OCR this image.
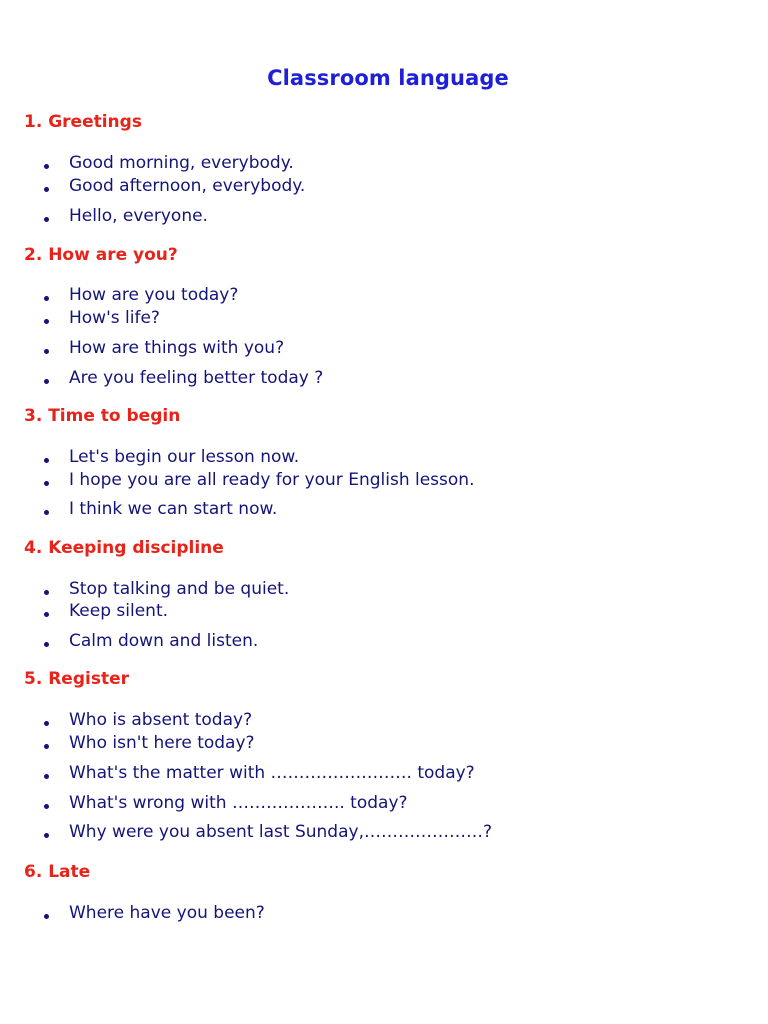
Classroom language
1. Greetings
Good morning, everybody.
Good afternoon, everybody.
Hello, everyone.
2. How are you?
How are you today?
How's life?
How are things with you?
Are you feeling better today ?
3. Time to begin
Let's begin our lesson now.
I hope you are all ready for your English lesson.
I think we can start now.
4. Keeping discipline
Stop talking and be quiet.
Keep silent.
Calm down and listen.
5. Register
Who is absent today?
Who isn't here today?
What's the matter with ……………………. today?
What's wrong with ……………….. today?
Why were you absent last Sunday,…………………?
6. Late
Where have you been?
